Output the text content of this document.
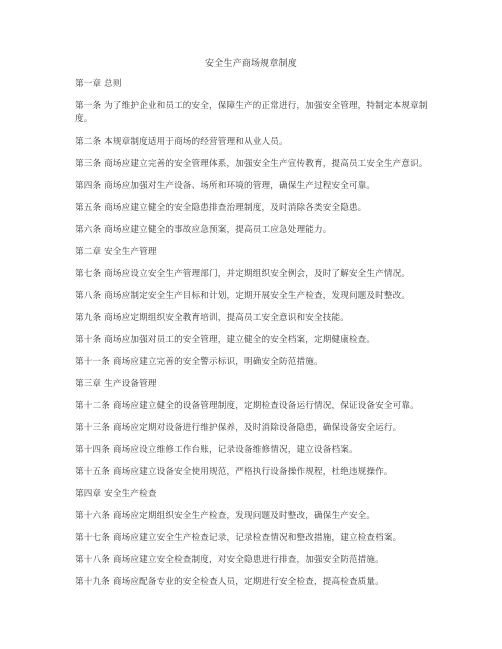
安全生产商场规章制度
第一章 总则
第一条 为了维护企业和员工的安全，保障生产的正常进行，加强安全管理，特制定本规章制度。
第二条 本规章制度适用于商场的经营管理和从业人员。
第三条 商场应建立完善的安全管理体系，加强安全生产宣传教育，提高员工安全生产意识。
第四条 商场应加强对生产设备、场所和环境的管理，确保生产过程安全可靠。
第五条 商场应建立健全的安全隐患排查治理制度，及时消除各类安全隐患。
第六条 商场应建立健全的事故应急预案，提高员工应急处理能力。
第二章 安全生产管理
第七条 商场应设立安全生产管理部门，并定期组织安全例会，及时了解安全生产情况。
第八条 商场应制定安全生产目标和计划，定期开展安全生产检查，发现问题及时整改。
第九条 商场应定期组织安全教育培训，提高员工安全意识和安全技能。
第十条 商场应加强对员工的安全管理，建立健全的安全档案，定期健康检查。
第十一条 商场应建立完善的安全警示标识，明确安全防范措施。
第三章 生产设备管理
第十二条 商场应建立健全的设备管理制度，定期检查设备运行情况，保证设备安全可靠。
第十三条 商场应定期对设备进行维护保养，及时消除设备隐患，确保设备安全运行。
第十四条 商场应设立维修工作台账，记录设备维修情况，建立设备档案。
第十五条 商场应建立设备安全使用规范，严格执行设备操作规程，杜绝违规操作。
第四章 安全生产检查
第十六条 商场应定期组织安全生产检查，发现问题及时整改，确保生产安全。
第十七条 商场应建立安全生产检查记录，记录检查情况和整改措施，建立检查档案。
第十八条 商场应建立安全检查制度，对安全隐患进行排查，加强安全防范措施。
第十九条 商场应配备专业的安全检查人员，定期进行安全检查，提高检查质量。
